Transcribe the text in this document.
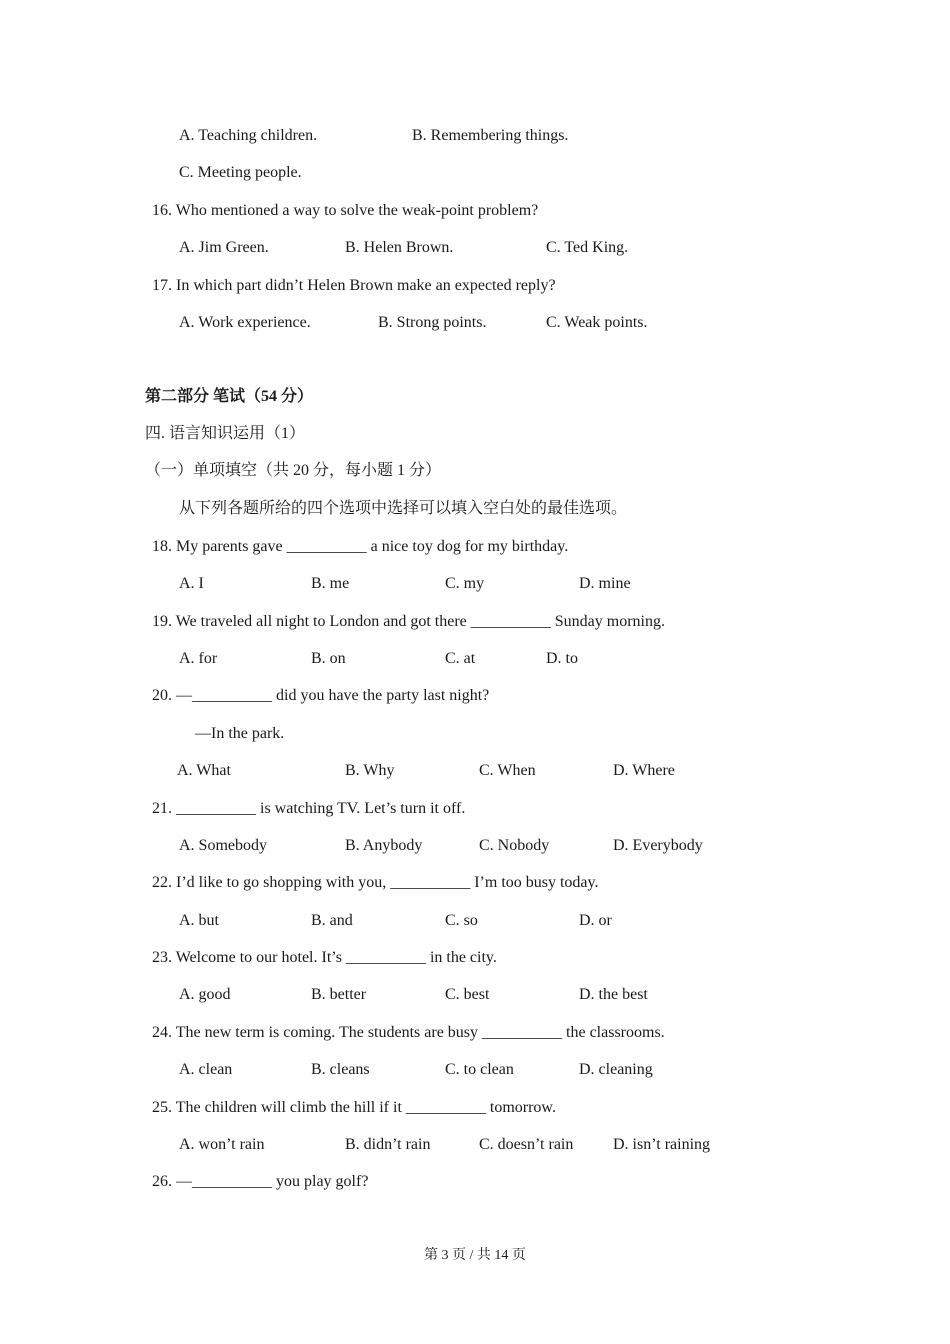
A. Teaching children.	B. Remembering things.
C. Meeting people.
16. Who mentioned a way to solve the weak-point problem?
A. Jim Green.	B. Helen Brown.	C. Ted King.
17. In which part didn’t Helen Brown make an expected reply?
A. Work experience.	B. Strong points.	C. Weak points.
第二部分 笔试（54 分）
四. 语言知识运用（1）
（一）单项填空（共 20 分，每小题 1 分）
从下列各题所给的四个选项中选择可以填入空白处的最佳选项。
18. My parents gave __________ a nice toy dog for my birthday.
A. I	B. me	C. my	D. mine
19. We traveled all night to London and got there __________ Sunday morning.
A. for	B. on	C. at	D. to
20. —__________ did you have the party last night?
—In the park.
A. What	B. Why	C. When	D. Where
21. __________ is watching TV. Let’s turn it off.
A. Somebody	B. Anybody	C. Nobody	D. Everybody
22. I’d like to go shopping with you, __________ I’m too busy today.
A. but	B. and	C. so	D. or
23. Welcome to our hotel. It’s __________ in the city.
A. good	B. better	C. best	D. the best
24. The new term is coming. The students are busy __________ the classrooms.
A. clean	B. cleans	C. to clean	D. cleaning
25. The children will climb the hill if it __________ tomorrow.
A. won’t rain	B. didn’t rain	C. doesn’t rain D. isn’t raining
26. —__________ you play golf?
第 3 页 / 共 14 页
